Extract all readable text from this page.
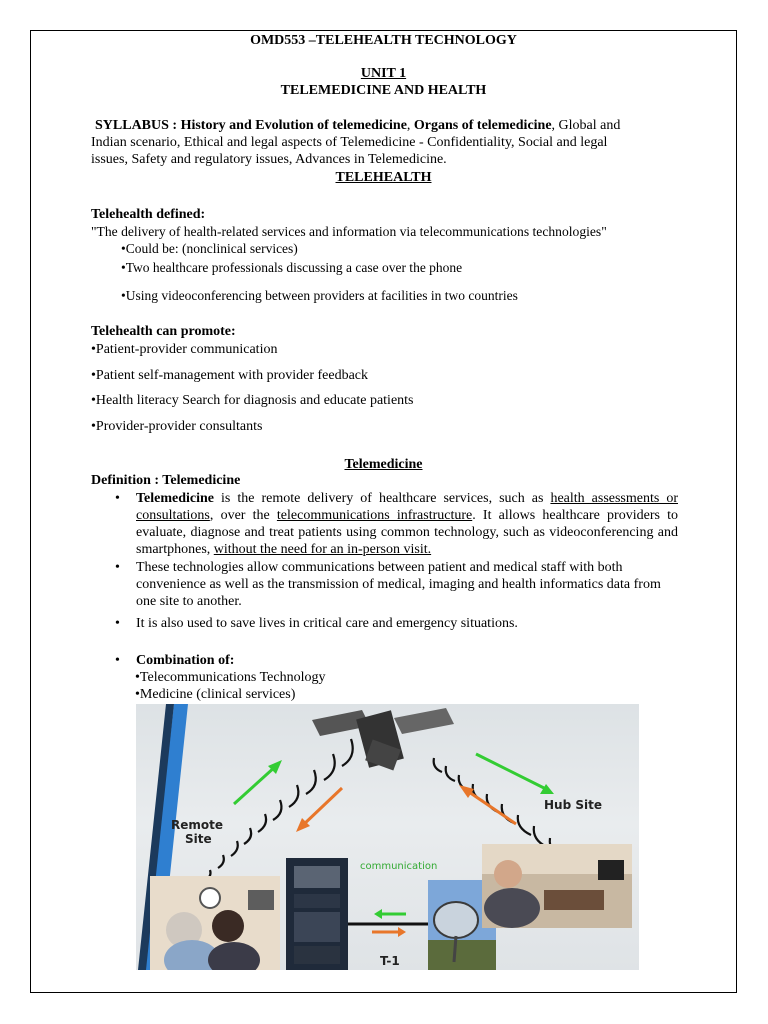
OMD553 –TELEHEALTH TECHNOLOGY
UNIT 1
TELEMEDICINE AND HEALTH
SYLLABUS : History and Evolution of telemedicine, Organs of telemedicine, Global and
Indian scenario, Ethical and legal aspects of Telemedicine - Confidentiality, Social and legal
issues, Safety and regulatory issues, Advances in Telemedicine.
TELEHEALTH
Telehealth defined:
"The delivery of health-related services and information via telecommunications technologies"
•Could be: (nonclinical services)
•Two healthcare professionals discussing a case over the phone
•Using videoconferencing between providers at facilities in two countries
Telehealth can promote:
•Patient-provider communication
•Patient self-management with provider feedback
•Health literacy Search for diagnosis and educate patients
•Provider-provider consultants
Telemedicine
Definition : Telemedicine
• Telemedicine is the remote delivery of healthcare services, such as health assessments or consultations, over the telecommunications infrastructure. It allows healthcare providers to evaluate, diagnose and treat patients using common technology, such as videoconferencing and smartphones, without the need for an in-person visit.
• These technologies allow communications between patient and medical staff with both convenience as well as the transmission of medical, imaging and health informatics data from one site to another.
• It is also used to save lives in critical care and emergency situations.
• Combination of:
•Telecommunications Technology
•Medicine (clinical services)
Remote
Site
Hub Site
communication
T-1
